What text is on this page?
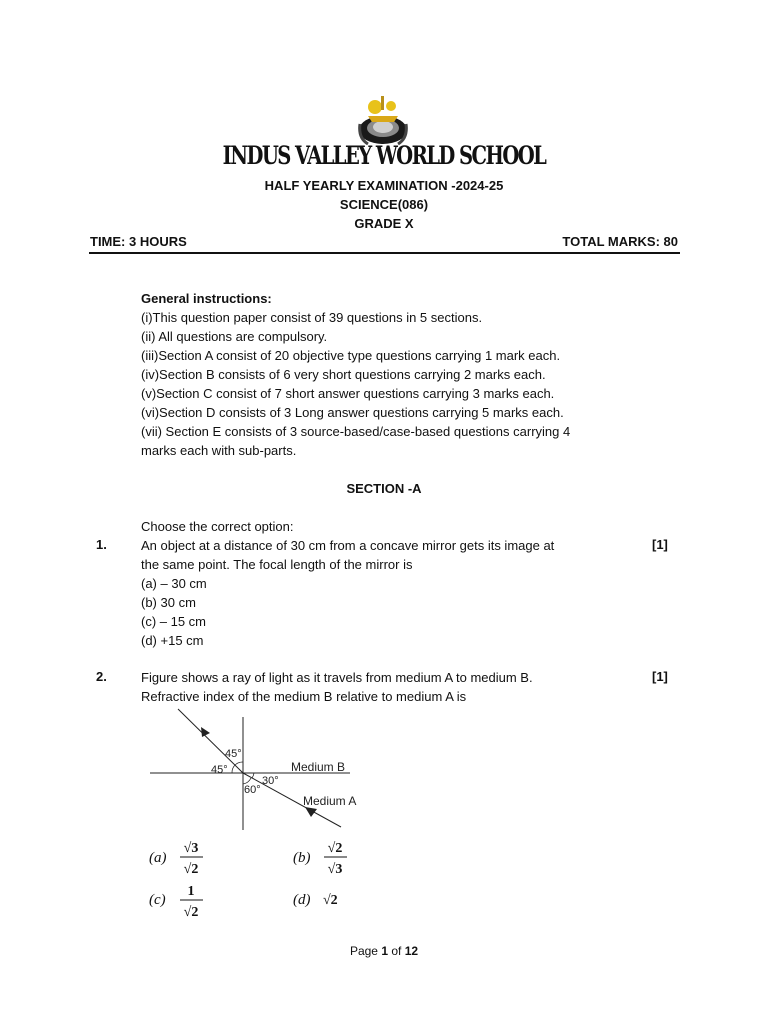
INDUS VALLEY WORLD SCHOOL
HALF YEARLY EXAMINATION -2024-25
SCIENCE(086)
GRADE X
TIME: 3 HOURS	TOTAL MARKS: 80
General instructions:
(i)This question paper consist of 39 questions in 5 sections.
(ii) All questions are compulsory.
(iii)Section A consist of 20 objective type questions carrying 1 mark each.
(iv)Section B consists of 6 very short questions carrying 2 marks each.
(v)Section C consist of 7 short answer questions carrying 3 marks each.
(vi)Section D consists of 3 Long answer questions carrying 5 marks each.
(vii) Section E consists of 3 source-based/case-based questions carrying 4
marks each with sub-parts.
SECTION -A
Choose the correct option:
1.	[1]
An object at a distance of 30 cm from a concave mirror gets its image at
the same point. The focal length of the mirror is
(a) – 30 cm
(b) 30 cm
(c) – 15 cm
(d) +15 cm
2.	[1]
Figure shows a ray of light as it travels from medium A to medium B.
Refractive index of the medium B relative to medium A is
45°
45°
30°
60°
Medium B
Medium A
(a)
√3
√2
(b)
√2
√3
(c)
1
√2
(d) √2
Page 1 of 12
